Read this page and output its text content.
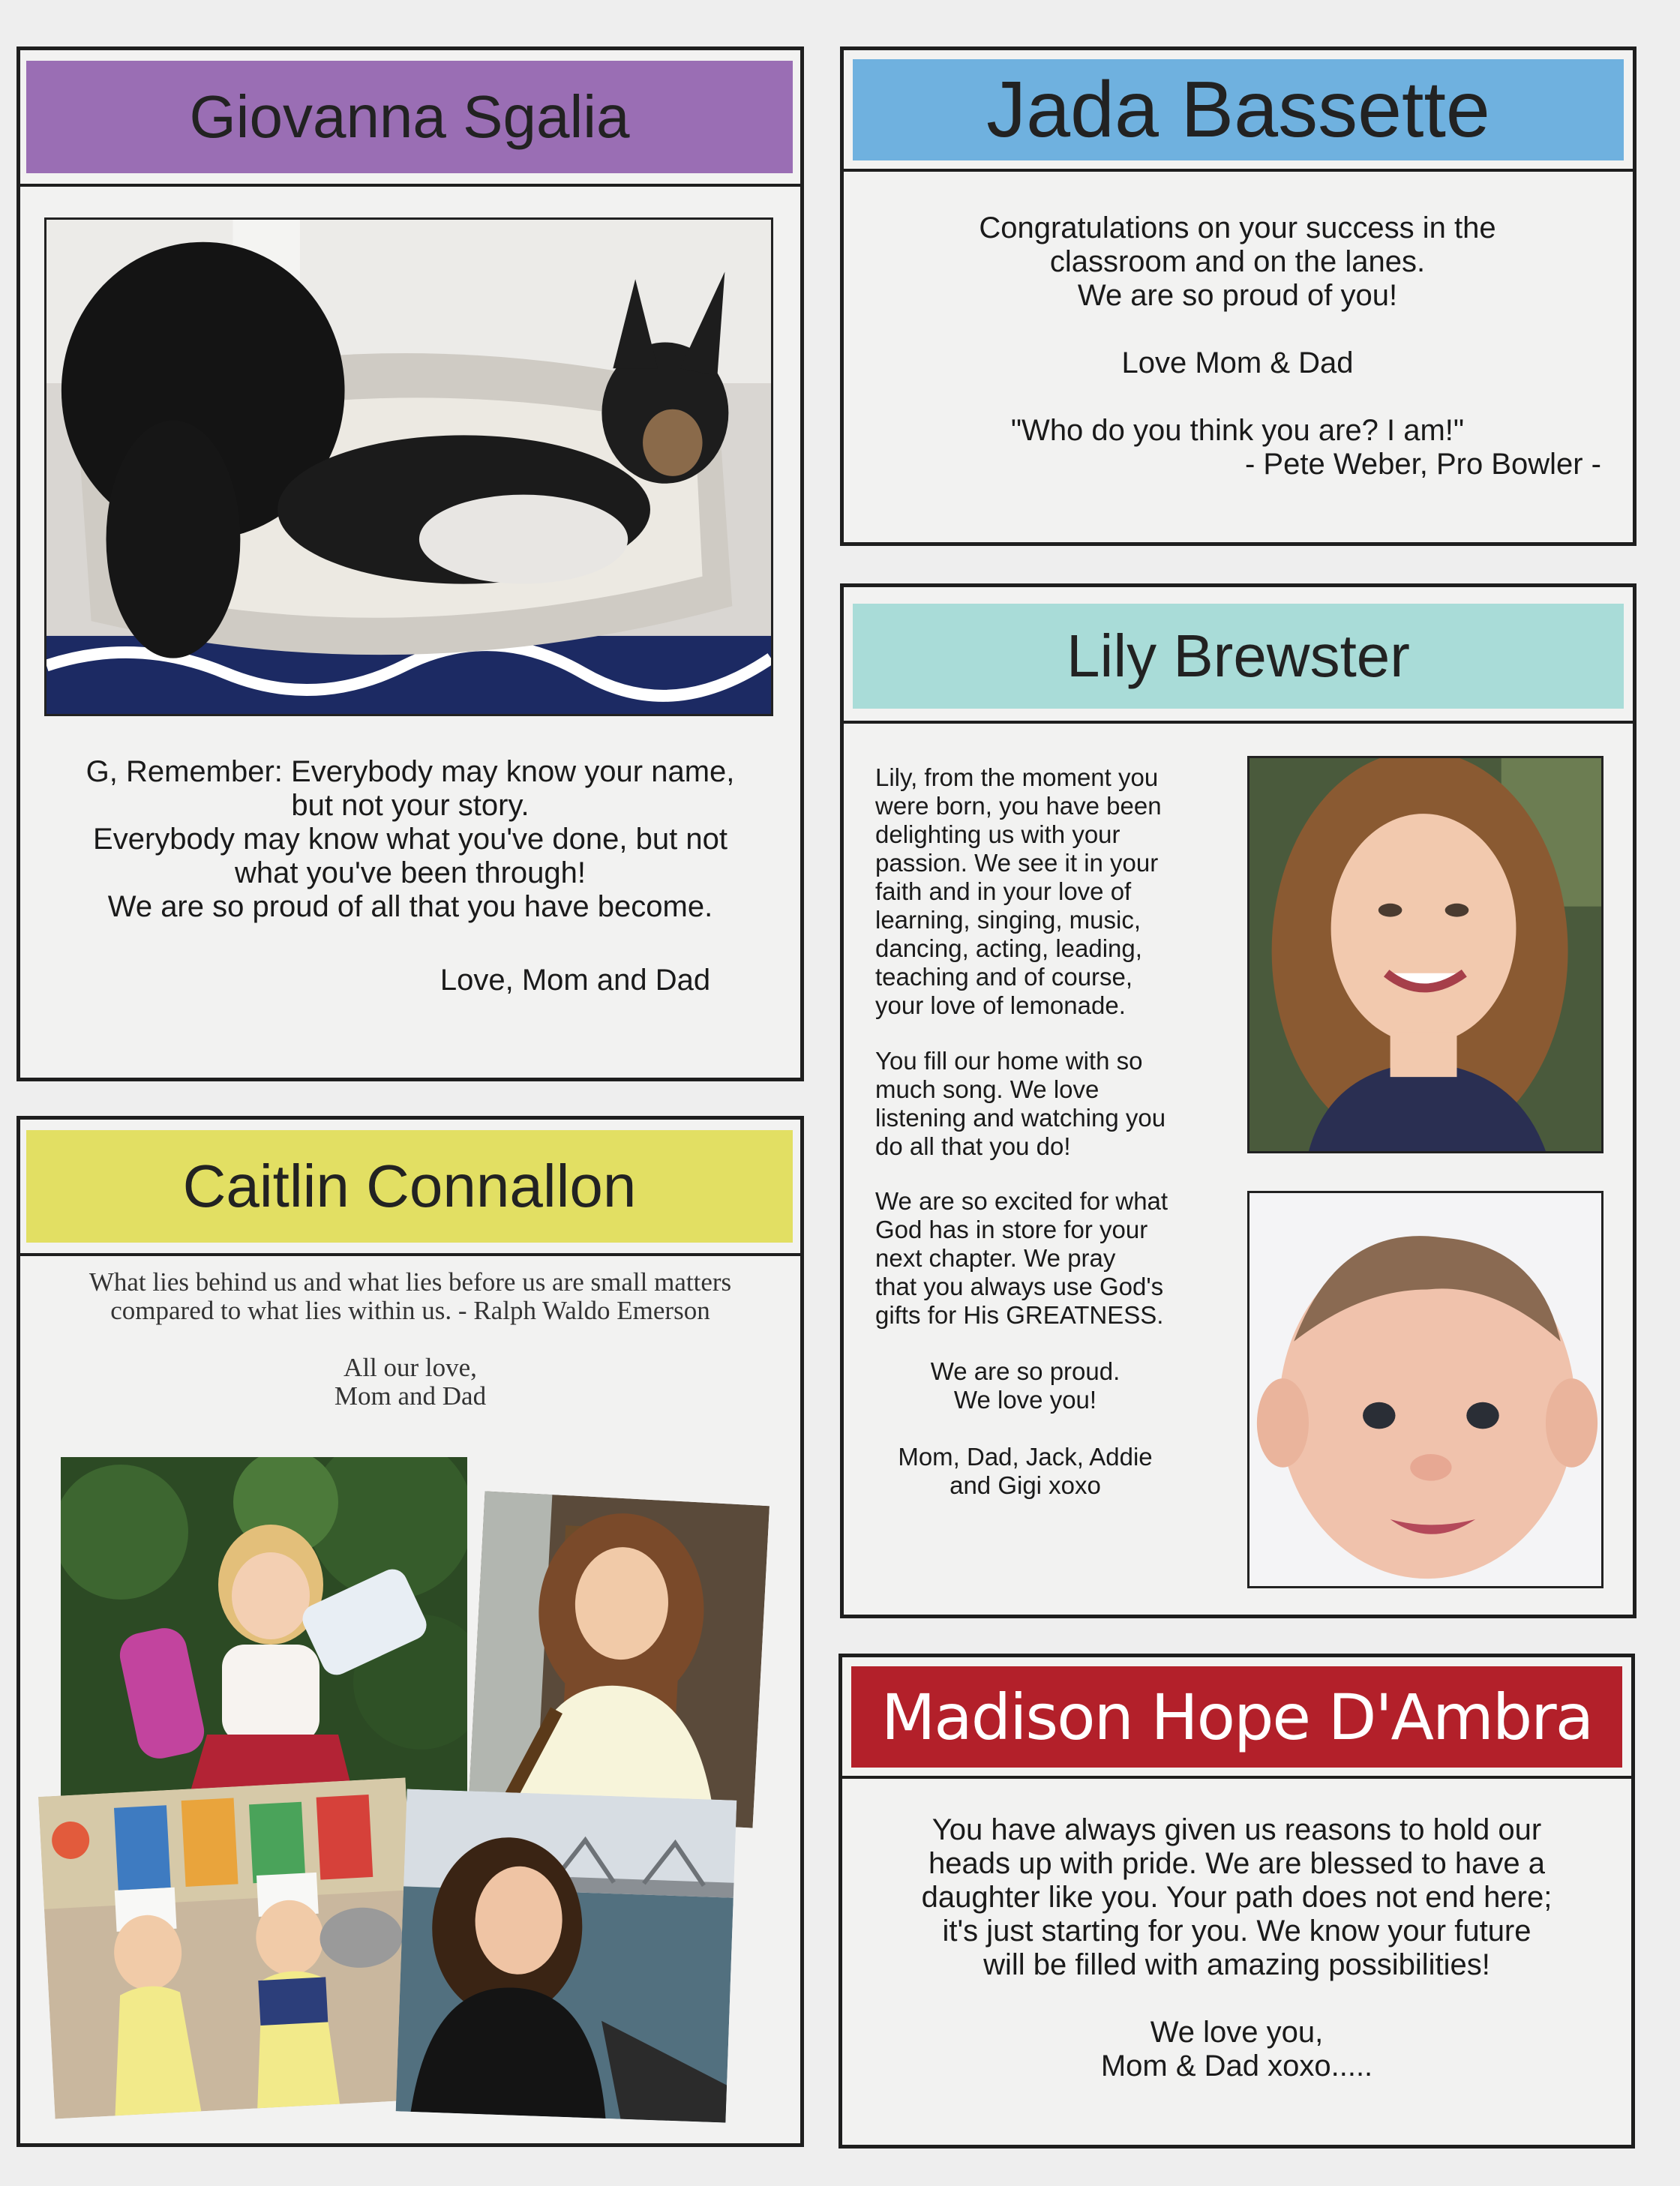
Giovanna Sgalia
G, Remember: Everybody may know your name,
but not your story.
Everybody may know what you've done, but not
what you've been through!
We are so proud of all that you have become.
Love, Mom and Dad
Caitlin Connallon
What lies behind us and what lies before us are small matters
compared to what lies within us. - Ralph Waldo Emerson
All our love,
Mom and Dad
Jada Bassette
Congratulations on your success in the
classroom and on the lanes.
We are so proud of you!

Love Mom & Dad
"Who do you think you are? I am!"
- Pete Weber, Pro Bowler -
Lily Brewster
Lily, from the moment you
were born, you have been
delighting us with your
passion. We see it in your
faith and in your love of
learning, singing, music,
dancing, acting, leading,
teaching and of course,
your love of lemonade.
You fill our home with so
much song. We love
listening and watching you
do all that you do!
We are so excited for what
God has in store for your
next chapter. We pray
that you always use God's
gifts for His GREATNESS.
We are so proud.
We love you!

Mom, Dad, Jack, Addie
and Gigi xoxo
Madison Hope D'Ambra
You have always given us reasons to hold our
heads up with pride. We are blessed to have a
daughter like you. Your path does not end here;
it's just starting for you. We know your future
will be filled with amazing possibilities!

We love you,
Mom & Dad xoxo.....
